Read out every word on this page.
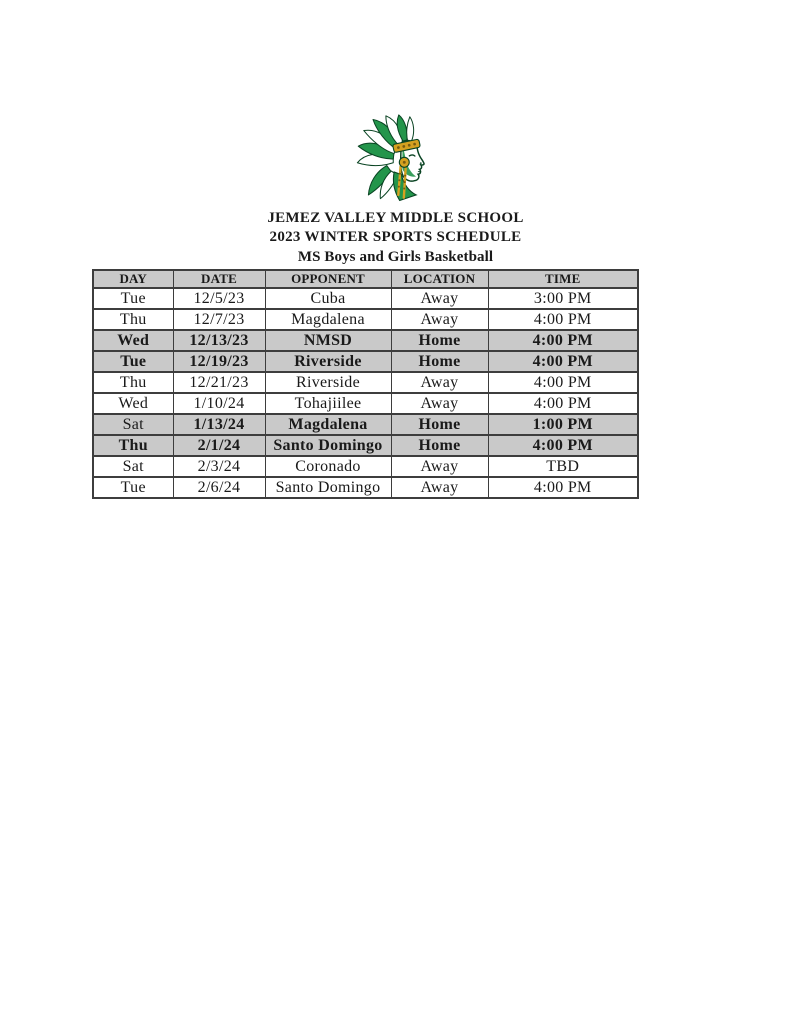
JEMEZ VALLEY MIDDLE SCHOOL
2023 WINTER SPORTS SCHEDULE
MS Boys and Girls Basketball
DAY	DATE	OPPONENT	LOCATION	TIME
Tue	12/5/23	Cuba	Away	3:00 PM
Thu	12/7/23	Magdalena	Away	4:00 PM
Wed	12/13/23	NMSD	Home	4:00 PM
Tue	12/19/23	Riverside	Home	4:00 PM
Thu	12/21/23	Riverside	Away	4:00 PM
Wed	1/10/24	Tohajiilee	Away	4:00 PM
Sat	1/13/24	Magdalena	Home	1:00 PM
Thu	2/1/24	Santo Domingo	Home	4:00 PM
Sat	2/3/24	Coronado	Away	TBD
Tue	2/6/24	Santo Domingo	Away	4:00 PM
